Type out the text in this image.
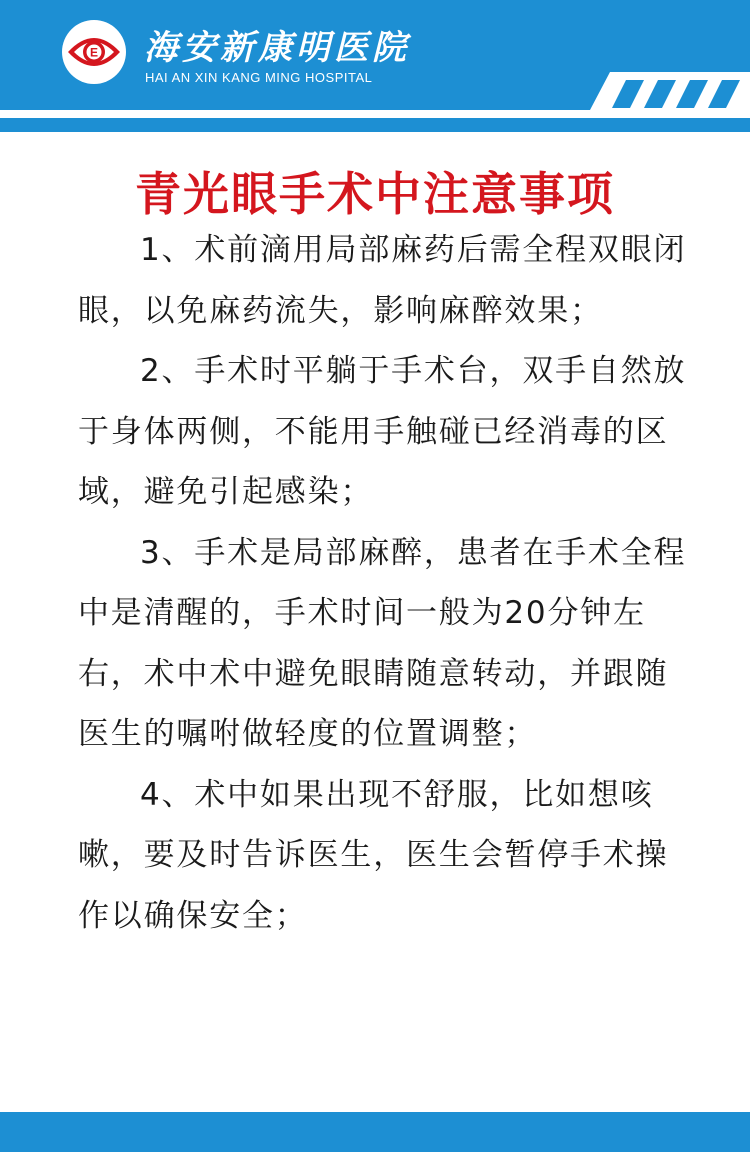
E 海安新康明医院
HAI AN XIN KANG MING HOSPITAL
青光眼手术中注意事项

1、术前滴用局部麻药后需全程双眼闭眼，以免麻药流失，影响麻醉效果；

2、手术时平躺于手术台，双手自然放于身体两侧，不能用手触碰已经消毒的区域，避免引起感染；

3、手术是局部麻醉，患者在手术全程中是清醒的，手术时间一般为20分钟左右，术中术中避免眼睛随意转动，并跟随医生的嘱咐做轻度的位置调整；

4、术中如果出现不舒服，比如想咳嗽，要及时告诉医生，医生会暂停手术操作以确保安全；
